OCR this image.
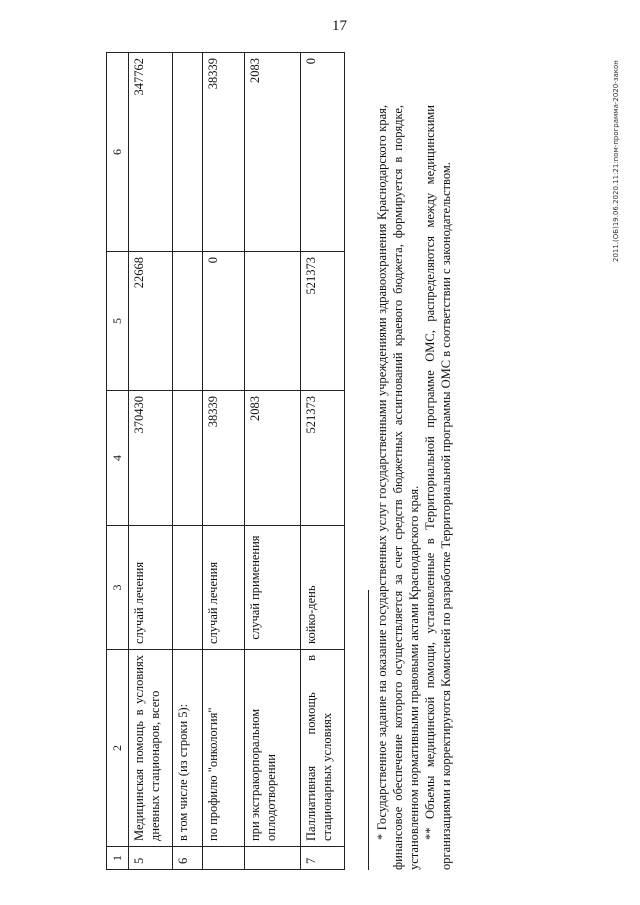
17
2011.(ОБ)19.06.2020.11:21:пом-программа-2020-закон
1	2	3	4	5	6
5	Медицинская помощь в условиях дневных стационаров, всего	случай лечения	370430	22668	347762
6	в том числе (из строки 5):				
	по профилю "онкология"	случай лечения	38339	0	38339
	при экстракорпоральном оплодотворении	случай применения	2083		2083
7	Паллиативная помощь в стационарных условиях	койко-день	521373	521373	0

* Государственное задание на оказание государственных услуг государственными учреждениями здравоохранения Краснодарского края, финансовое обеспечение которого осуществляется за счет средств бюджетных ассигнований краевого бюджета, формируется в порядке, установленном нормативными правовыми актами Краснодарского края. ** Объемы медицинской помощи, установленные в Территориальной программе ОМС, распределяются между медицинскими организациями и корректируются Комиссией по разработке Территориальной программы ОМС в соответствии с законодательством.
